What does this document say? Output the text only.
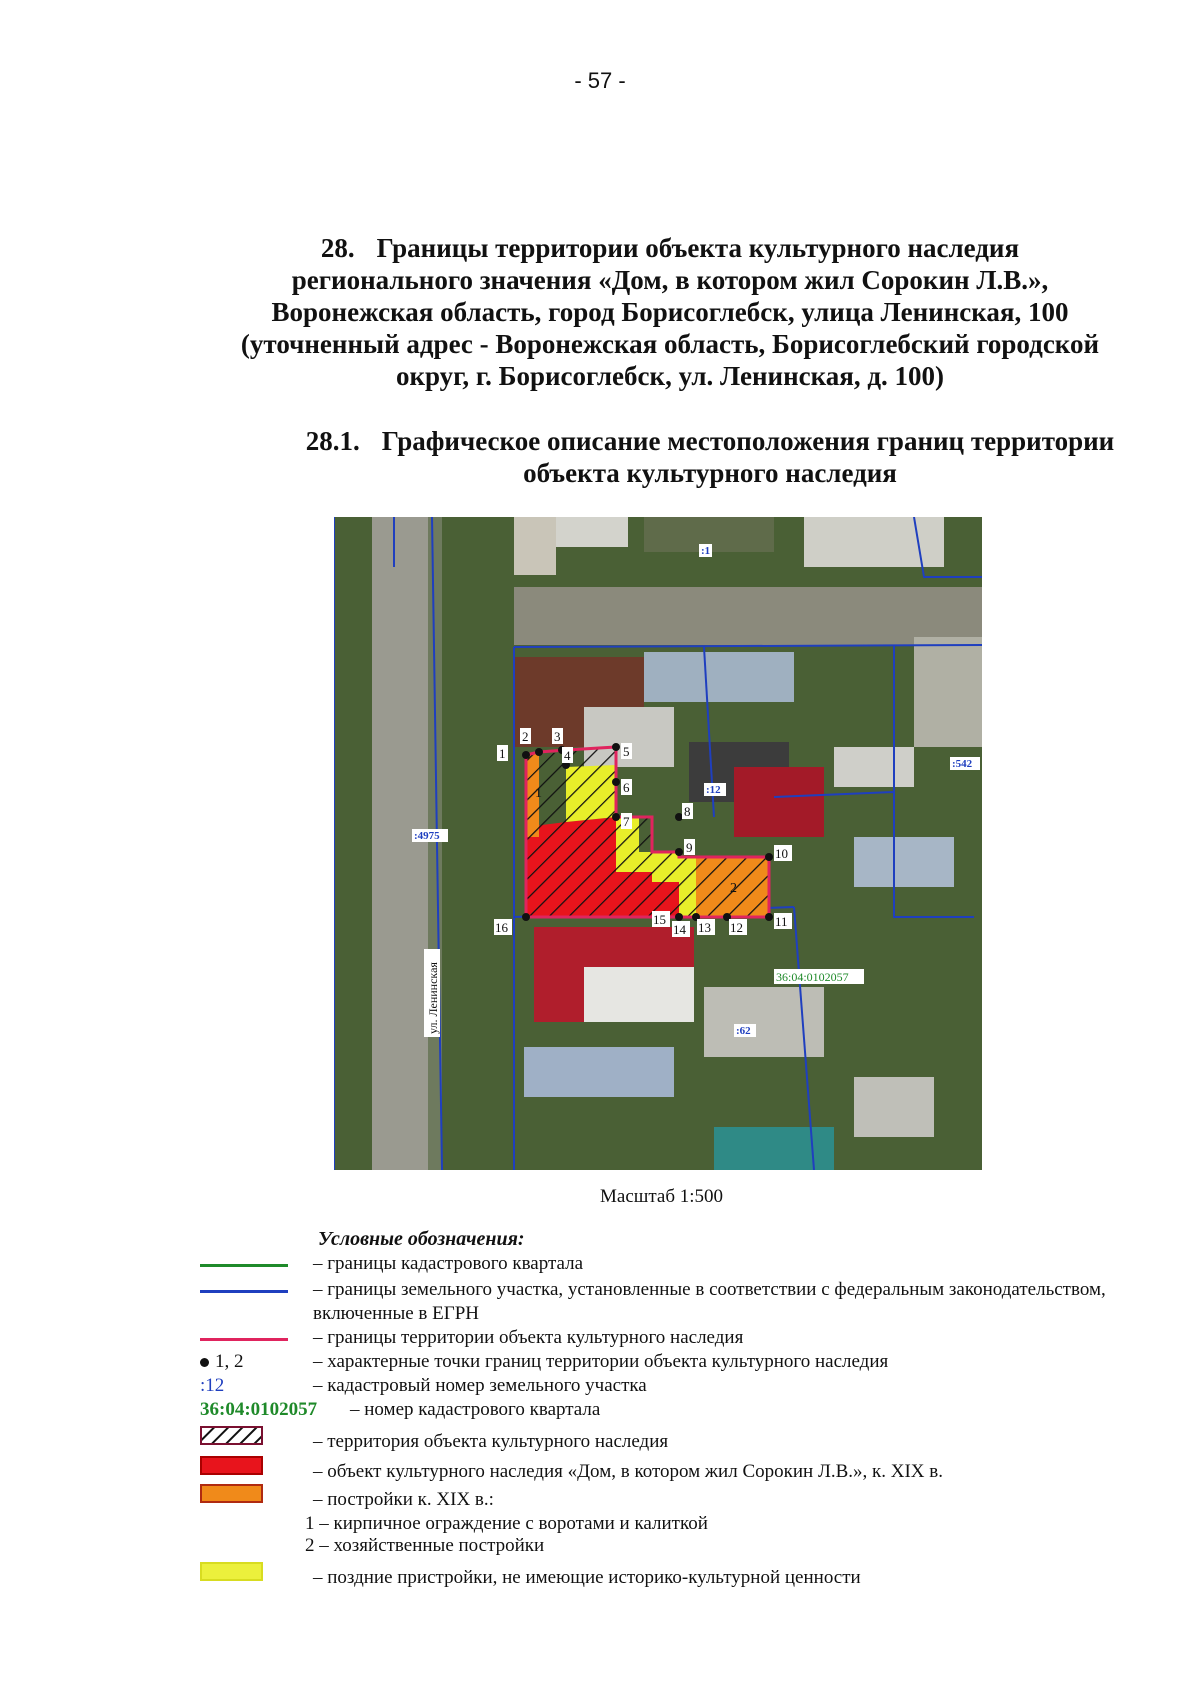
- 57 -
28. Границы территории объекта культурного наследия
регионального значения «Дом, в котором жил Сорокин Л.В.»,
Воронежская область, город Борисоглебск, улица Ленинская, 100
(уточненный адрес - Воронежская область, Борисоглебский городской
округ, г. Борисоглебск, ул. Ленинская, д. 100)
28.1. Графическое описание местоположения границ территории
объекта культурного наследия
1
2 3
4	5
6
7
8
9	10
11
12
13
14
15
16
1
2
:1
:12
:542
:4975
:62
36:04:0102057
ул. Ленинская
Масштаб 1:500
Условные обозначения:
– границы кадастрового квартала
– границы земельного участка, установленные в соответствии с федеральным законодательством, включенные в ЕГРН
– границы территории объекта культурного наследия
1, 2	– характерные точки границ территории объекта культурного наследия
:12	– кадастровый номер земельного участка
36:04:0102057 – номер кадастрового квартала
– территория объекта культурного наследия
– объект культурного наследия «Дом, в котором жил Сорокин Л.В.», к. XIX в.
– постройки к. XIX в.:
1 – кирпичное ограждение с воротами и калиткой
2 – хозяйственные постройки
– поздние пристройки, не имеющие историко-культурной ценности
